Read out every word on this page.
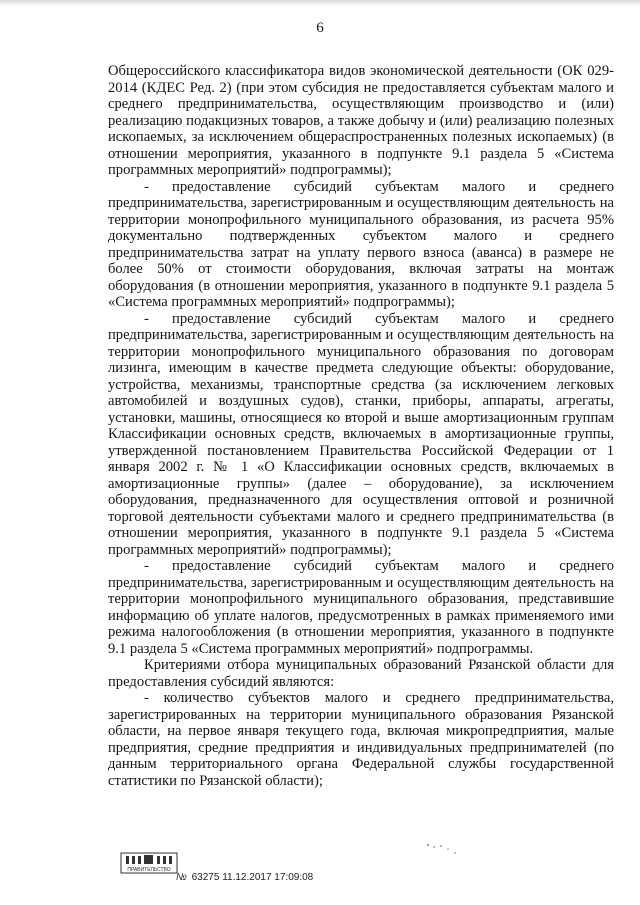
6

Общероссийского классификатора видов экономической деятельности (ОК 029-2014 (КДЕС Ред. 2) (при этом субсидия не предоставляется субъектам малого и среднего предпринимательства, осуществляющим производство и (или) реализацию подакцизных товаров, а также добычу и (или) реализацию полезных ископаемых, за исключением общераспространенных полезных ископаемых) (в отношении мероприятия, указанного в подпункте 9.1 раздела 5 «Система программных мероприятий» подпрограммы);

- предоставление субсидий субъектам малого и среднего предпринимательства, зарегистрированным и осуществляющим деятельность на территории монопрофильного муниципального образования, из расчета 95% документально подтвержденных субъектом малого и среднего предпринимательства затрат на уплату первого взноса (аванса) в размере не более 50% от стоимости оборудования, включая затраты на монтаж оборудования (в отношении мероприятия, указанного в подпункте 9.1 раздела 5 «Система программных мероприятий» подпрограммы);

- предоставление субсидий субъектам малого и среднего предпринимательства, зарегистрированным и осуществляющим деятельность на территории монопрофильного муниципального образования по договорам лизинга, имеющим в качестве предмета следующие объекты: оборудование, устройства, механизмы, транспортные средства (за исключением легковых автомобилей и воздушных судов), станки, приборы, аппараты, агрегаты, установки, машины, относящиеся ко второй и выше амортизационным группам Классификации основных средств, включаемых в амортизационные группы, утвержденной постановлением Правительства Российской Федерации от 1 января 2002 г. № 1 «О Классификации основных средств, включаемых в амортизационные группы» (далее – оборудование), за исключением оборудования, предназначенного для осуществления оптовой и розничной торговой деятельности субъектами малого и среднего предпринимательства (в отношении мероприятия, указанного в подпункте 9.1 раздела 5 «Система программных мероприятий» подпрограммы);

- предоставление субсидий субъектам малого и среднего предпринимательства, зарегистрированным и осуществляющим деятельность на территории монопрофильного муниципального образования, представившие информацию об уплате налогов, предусмотренных в рамках применяемого ими режима налогообложения (в отношении мероприятия, указанного в подпункте 9.1 раздела 5 «Система программных мероприятий» подпрограммы.

Критериями отбора муниципальных образований Рязанской области для предоставления субсидий являются:

- количество субъектов малого и среднего предпринимательства, зарегистрированных на территории муниципального образования Рязанской области, на первое января текущего года, включая микропредприятия, малые предприятия, средние предприятия и индивидуальных предпринимателей (по данным территориального органа Федеральной службы государственной статистики по Рязанской области);

ПРАВИТЕЛЬСТВО
№ 63275 11.12.2017 17:09:08
